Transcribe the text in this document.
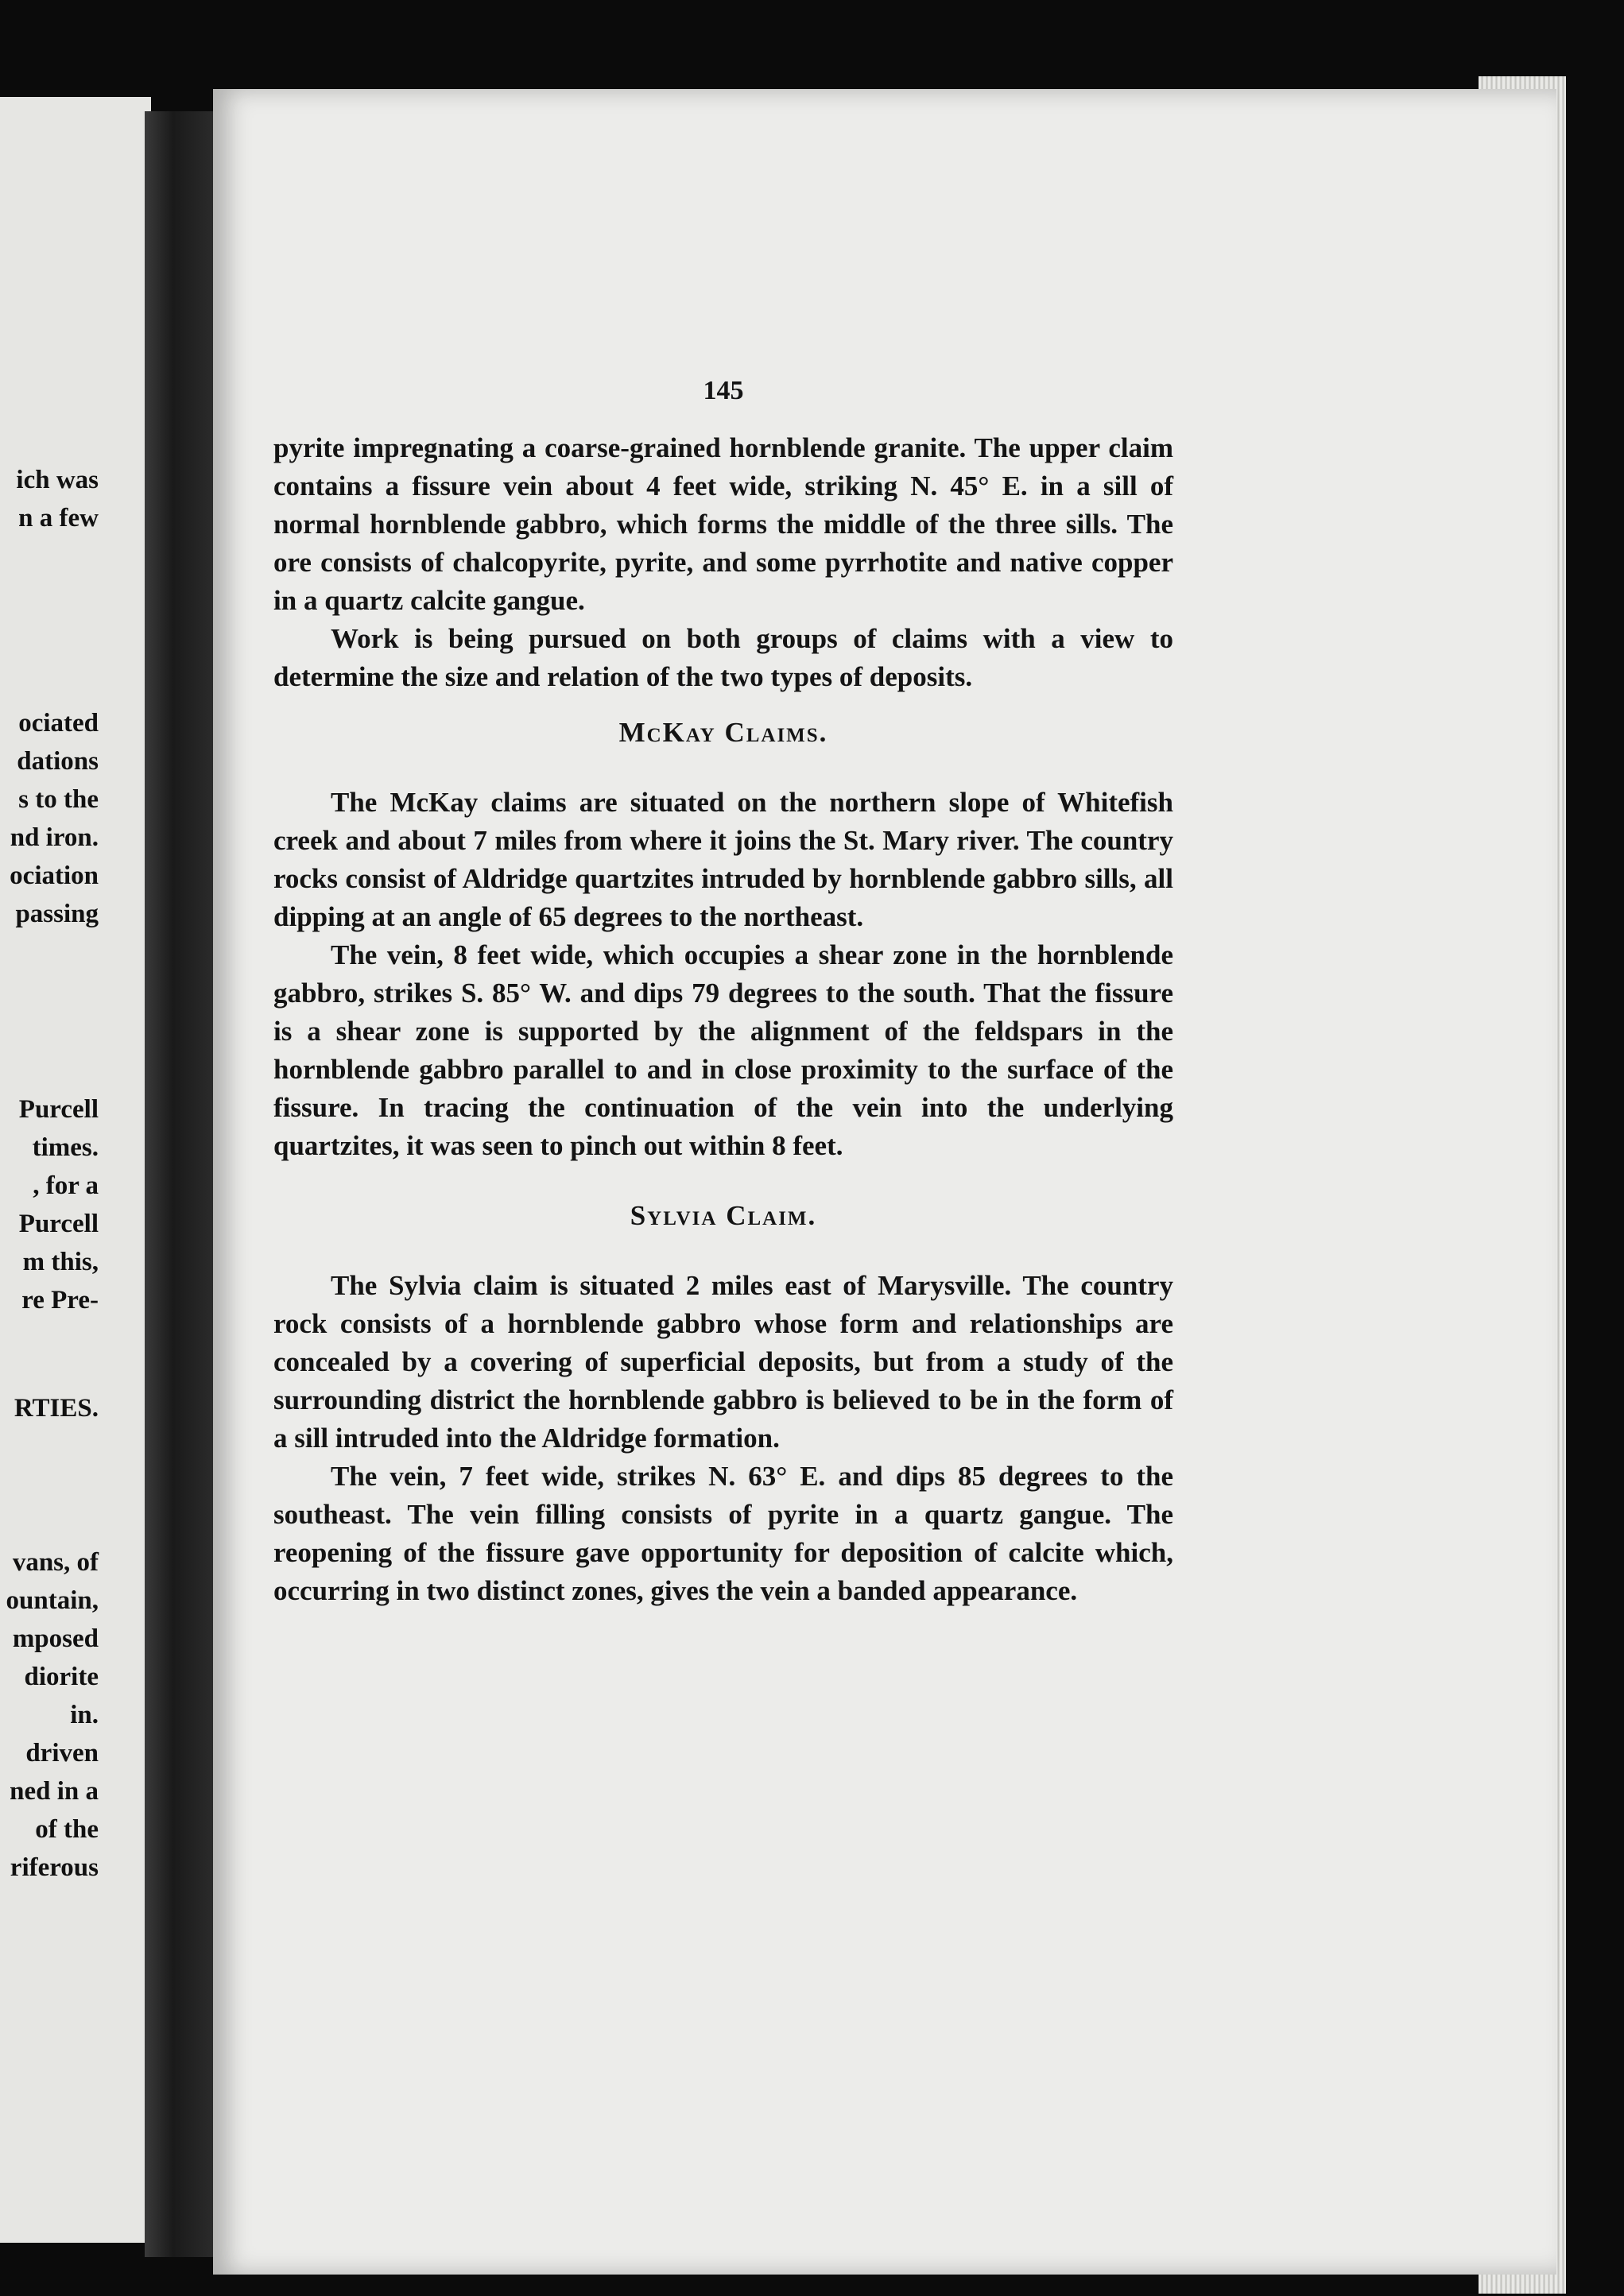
ich was
n a few
ociated
dations
s to the
nd iron.
ociation
passing
Purcell
times.
, for a
Purcell
m this,
re Pre-
RTIES.
vans, of
ountain,
mposed
diorite
in.
driven
ned in a
of the
riferous
145

pyrite impregnating a coarse-grained hornblende granite. The upper claim contains a fissure vein about 4 feet wide, striking N. 45° E. in a sill of normal hornblende gabbro, which forms the middle of the three sills. The ore consists of chalcopyrite, pyrite, and some pyrrhotite and native copper in a quartz calcite gangue.

Work is being pursued on both groups of claims with a view to determine the size and relation of the two types of deposits.

McKay Claims.

The McKay claims are situated on the northern slope of Whitefish creek and about 7 miles from where it joins the St. Mary river. The country rocks consist of Aldridge quartzites intruded by hornblende gabbro sills, all dipping at an angle of 65 degrees to the northeast.

The vein, 8 feet wide, which occupies a shear zone in the hornblende gabbro, strikes S. 85° W. and dips 79 degrees to the south. That the fissure is a shear zone is supported by the alignment of the feldspars in the hornblende gabbro parallel to and in close proximity to the surface of the fissure. In tracing the continuation of the vein into the underlying quartzites, it was seen to pinch out within 8 feet.

Sylvia Claim.

The Sylvia claim is situated 2 miles east of Marysville. The country rock consists of a hornblende gabbro whose form and relationships are concealed by a covering of superficial deposits, but from a study of the surrounding district the hornblende gabbro is believed to be in the form of a sill intruded into the Aldridge formation.

The vein, 7 feet wide, strikes N. 63° E. and dips 85 degrees to the southeast. The vein filling consists of pyrite in a quartz gangue. The reopening of the fissure gave opportunity for deposition of calcite which, occurring in two distinct zones, gives the vein a banded appearance.
